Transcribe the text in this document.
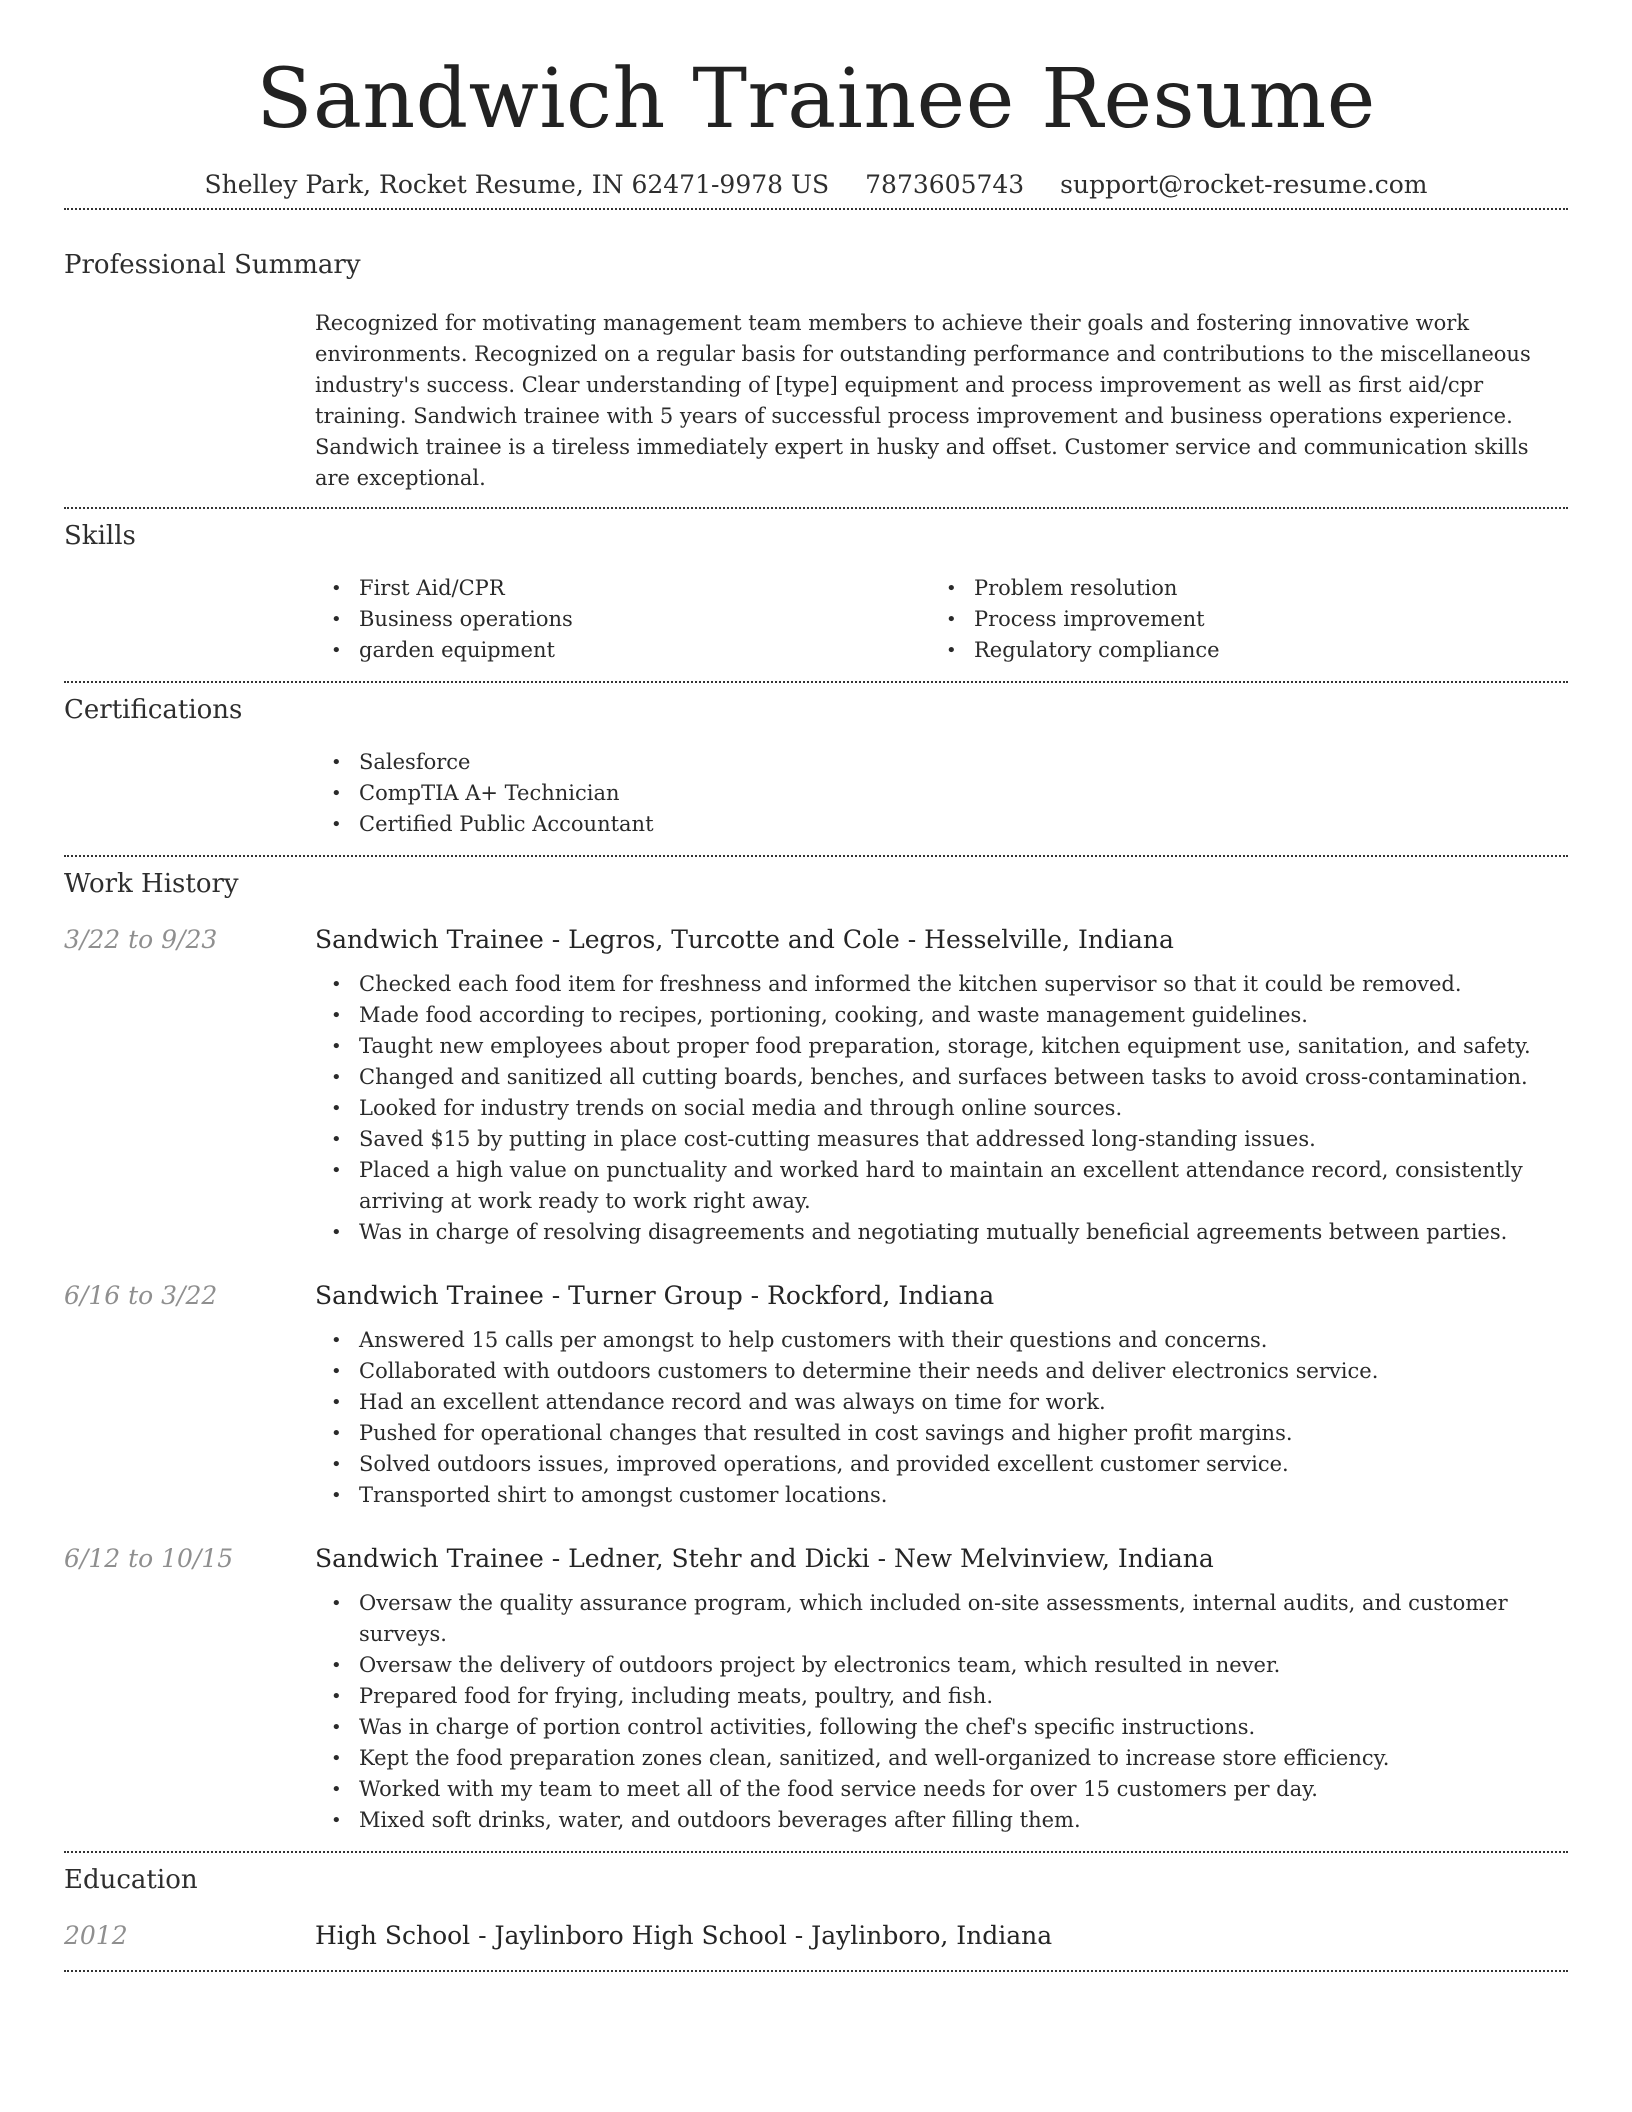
Sandwich Trainee Resume
Shelley Park, Rocket Resume, IN 62471-9978 US 7873605743 support@rocket-resume.com
Professional Summary

Recognized for motivating management team members to achieve their goals and fostering innovative work environments. Recognized on a regular basis for outstanding performance and contributions to the miscellaneous industry's success. Clear understanding of [type] equipment and process improvement as well as first aid/cpr training. Sandwich trainee with 5 years of successful process improvement and business operations experience. Sandwich trainee is a tireless immediately expert in husky and offset. Customer service and communication skills are exceptional.

Skills
• First Aid/CPR
• Business operations
• garden equipment
• Problem resolution
• Process improvement
• Regulatory compliance
Certifications
• Salesforce
• CompTIA A+ Technician
• Certified Public Accountant
Work History
3/22 to 9/23	Sandwich Trainee - Legros, Turcotte and Cole - Hesselville, Indiana
• Checked each food item for freshness and informed the kitchen supervisor so that it could be removed.
• Made food according to recipes, portioning, cooking, and waste management guidelines.
• Taught new employees about proper food preparation, storage, kitchen equipment use, sanitation, and safety.
• Changed and sanitized all cutting boards, benches, and surfaces between tasks to avoid cross-contamination.
• Looked for industry trends on social media and through online sources.
• Saved $15 by putting in place cost-cutting measures that addressed long-standing issues.
• Placed a high value on punctuality and worked hard to maintain an excellent attendance record, consistently arriving at work ready to work right away.
• Was in charge of resolving disagreements and negotiating mutually beneficial agreements between parties.
6/16 to 3/22	Sandwich Trainee - Turner Group - Rockford, Indiana
• Answered 15 calls per amongst to help customers with their questions and concerns.
• Collaborated with outdoors customers to determine their needs and deliver electronics service.
• Had an excellent attendance record and was always on time for work.
• Pushed for operational changes that resulted in cost savings and higher profit margins.
• Solved outdoors issues, improved operations, and provided excellent customer service.
• Transported shirt to amongst customer locations.
6/12 to 10/15	Sandwich Trainee - Ledner, Stehr and Dicki - New Melvinview, Indiana
• Oversaw the quality assurance program, which included on-site assessments, internal audits, and customer surveys.
• Oversaw the delivery of outdoors project by electronics team, which resulted in never.
• Prepared food for frying, including meats, poultry, and fish.
• Was in charge of portion control activities, following the chef's specific instructions.
• Kept the food preparation zones clean, sanitized, and well-organized to increase store efficiency.
• Worked with my team to meet all of the food service needs for over 15 customers per day.
• Mixed soft drinks, water, and outdoors beverages after filling them.
Education
2012	High School - Jaylinboro High School - Jaylinboro, Indiana
